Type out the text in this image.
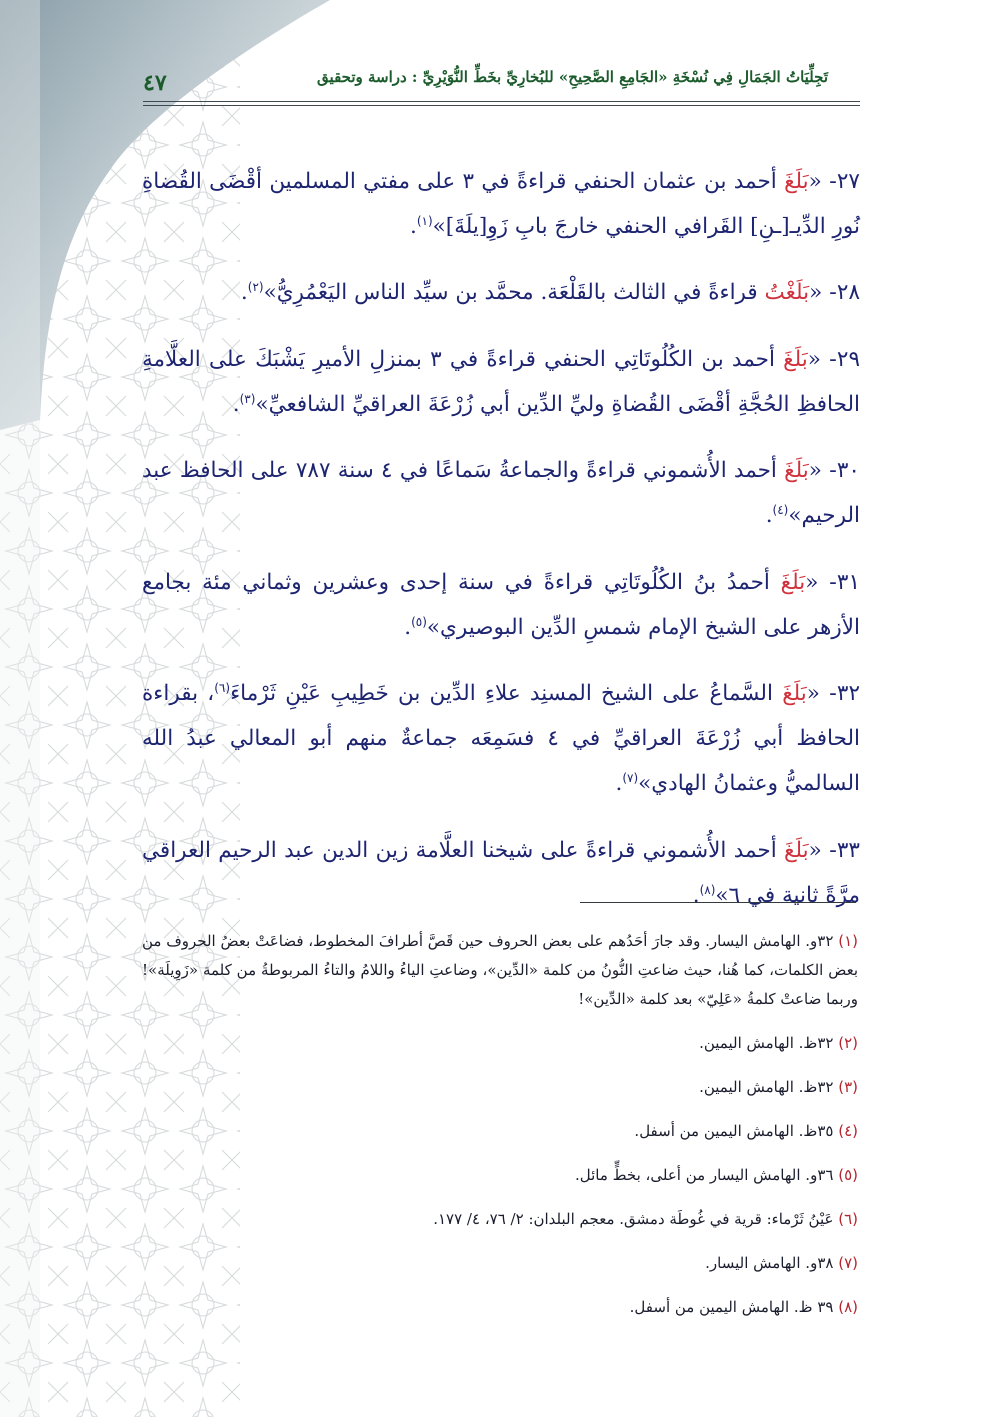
تَجِلِّيَاتُ الجَمَالِ فِي نُسْخَةِ «الجَامِعِ الصَّحِيحِ» للبُخارِيِّ بخَطِّ النُّوَيْرِيِّ : دراسة وتحقيق
٤٧

٢٧- «بَلَغَ أحمد بن عثمان الحنفي قراءةً في ٣ على مفتي المسلمين أقْضَى القُضاةِ نُورِ الدِّيـ[ـنِ] القَرافي الحنفي خارجَ بابِ زَوِ[يلَةَ]»$^{(١)}$.

٢٨- «بَلَغْتُ قراءةً في الثالث بالقَلْعَة. محمَّد بن سيِّد الناس اليَعْمُرِيُّ»$^{(٢)}$.

٢٩- «بَلَغَ أحمد بن الكُلُوتَاتِي الحنفي قراءةً في ٣ بمنزلِ الأميرِ يَشْبَكَ على العلَّامةِ الحافظِ الحُجَّةِ أقْضَى القُضاةِ وليِّ الدِّين أبي زُرْعَةَ العراقيِّ الشافعيِّ»$^{(٣)}$.

٣٠- «بَلَغَ أحمد الأُشموني قراءةً والجماعةُ سَماعًا في ٤ سنة ٧٨٧ على الحافظ عبد الرحيم»$^{(٤)}$.

٣١- «بَلَغَ أحمدُ بنُ الكُلُوتَاتِي قراءةً في سنة إحدى وعشرين وثماني مئة بجامع الأزهر على الشيخ الإمام شمسِ الدِّين البوصيري»$^{(٥)}$.

٣٢- «بَلَغَ السَّماعُ على الشيخ المسنِد علاءِ الدِّين بن خَطِيبِ عَيْنِ ثَرْماءَ$^{(٦)}$، بقراءة الحافظ أبي زُرْعَةَ العراقيِّ في ٤ فسَمِعَه جماعةٌ منهم أبو المعالي عبدُ الله السالميُّ وعثمانُ الهادي»$^{(٧)}$.

٣٣- «بَلَغَ أحمد الأُشموني قراءةً على شيخنا العلَّامة زين الدين عبد الرحيم العراقي مرَّةً ثانية في ٦»$^{(٨)}$.

(١) ٣٢و. الهامش اليسار. وقد جارَ أحَدُهم على بعض الحروف حين قَصَّ أطرافَ المخطوط، فضاعَتْ بعضُ الحروف من بعض الكلمات، كما هُنا، حيث ضاعتِ النُّونُ من كلمة «الدِّين»، وضاعتِ الياءُ واللامُ والتاءُ المربوطةُ من كلمة «زَوِيلَة»! وربما ضاعتْ كلمةُ «عَلِيّ» بعد كلمة «الدِّين»!

(٢) ٣٢ظ. الهامش اليمين.

(٣) ٣٢ظ. الهامش اليمين.

(٤) ٣٥ظ. الهامش اليمين من أسفل.

(٥) ٣٦و. الهامش اليسار من أعلى، بخطٍّ مائل.

(٦) عَيْنُ ثَرْماء: قرية في غُوطَة دمشق. معجم البلدان: ٢/ ٧٦، ٤/ ١٧٧.

(٧) ٣٨و. الهامش اليسار.

(٨) ٣٩ ظ. الهامش اليمين من أسفل.
